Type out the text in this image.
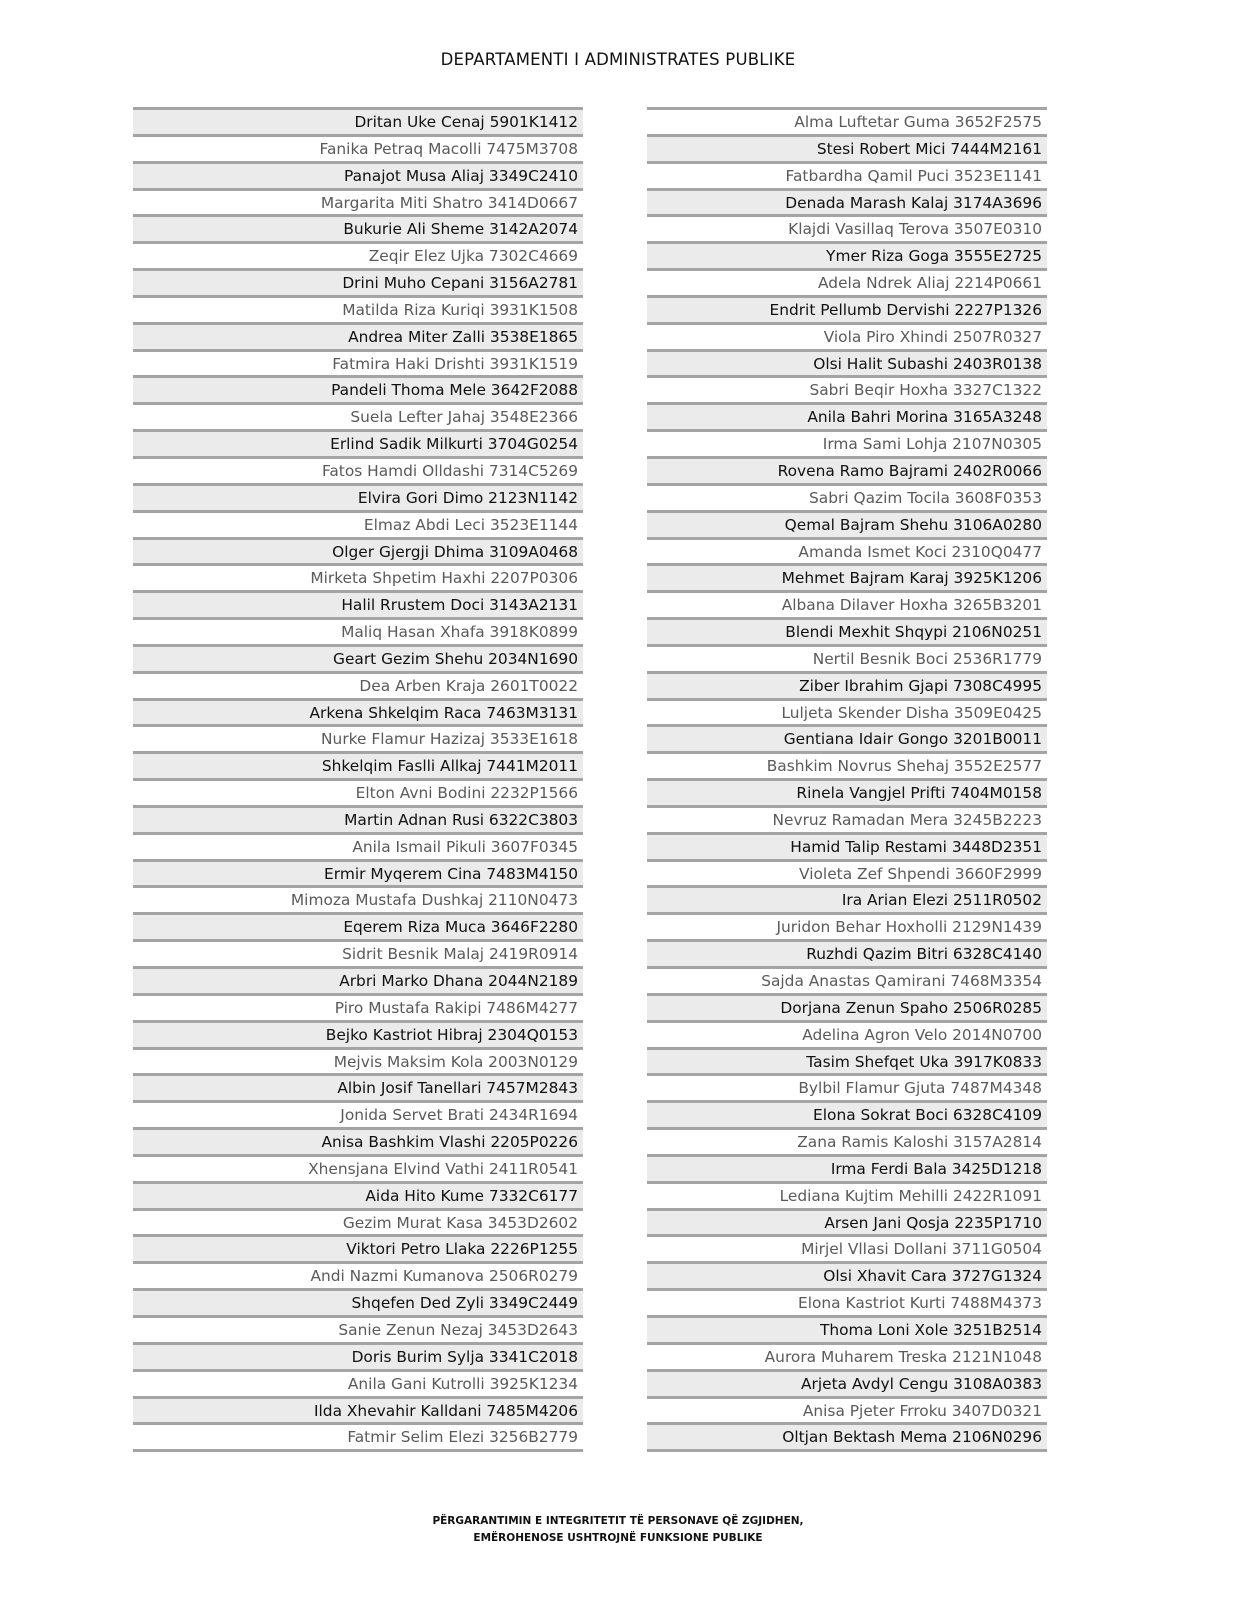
DEPARTAMENTI I ADMINISTRATES PUBLIKE
Dritan Uke Cenaj 5901K1412
Fanika Petraq Macolli 7475M3708
Panajot Musa Aliaj 3349C2410
Margarita Miti Shatro 3414D0667
Bukurie Ali Sheme 3142A2074
Zeqir Elez Ujka 7302C4669
Drini Muho Cepani 3156A2781
Matilda Riza Kuriqi 3931K1508
Andrea Miter Zalli 3538E1865
Fatmira Haki Drishti 3931K1519
Pandeli Thoma Mele 3642F2088
Suela Lefter Jahaj 3548E2366
Erlind Sadik Milkurti 3704G0254
Fatos Hamdi Olldashi 7314C5269
Elvira Gori Dimo 2123N1142
Elmaz Abdi Leci 3523E1144
Olger Gjergji Dhima 3109A0468
Mirketa Shpetim Haxhi 2207P0306
Halil Rrustem Doci 3143A2131
Maliq Hasan Xhafa 3918K0899
Geart Gezim Shehu 2034N1690
Dea Arben Kraja 2601T0022
Arkena Shkelqim Raca 7463M3131
Nurke Flamur Hazizaj 3533E1618
Shkelqim Faslli Allkaj 7441M2011
Elton Avni Bodini 2232P1566
Martin Adnan Rusi 6322C3803
Anila Ismail Pikuli 3607F0345
Ermir Myqerem Cina 7483M4150
Mimoza Mustafa Dushkaj 2110N0473
Eqerem Riza Muca 3646F2280
Sidrit Besnik Malaj 2419R0914
Arbri Marko Dhana 2044N2189
Piro Mustafa Rakipi 7486M4277
Bejko Kastriot Hibraj 2304Q0153
Mejvis Maksim Kola 2003N0129
Albin Josif Tanellari 7457M2843
Jonida Servet Brati 2434R1694
Anisa Bashkim Vlashi 2205P0226
Xhensjana Elvind Vathi 2411R0541
Aida Hito Kume 7332C6177
Gezim Murat Kasa 3453D2602
Viktori Petro Llaka 2226P1255
Andi Nazmi Kumanova 2506R0279
Shqefen Ded Zyli 3349C2449
Sanie Zenun Nezaj 3453D2643
Doris Burim Sylja 3341C2018
Anila Gani Kutrolli 3925K1234
Ilda Xhevahir Kalldani 7485M4206
Fatmir Selim Elezi 3256B2779
Alma Luftetar Guma 3652F2575
Stesi Robert Mici 7444M2161
Fatbardha Qamil Puci 3523E1141
Denada Marash Kalaj 3174A3696
Klajdi Vasillaq Terova 3507E0310
Ymer Riza Goga 3555E2725
Adela Ndrek Aliaj 2214P0661
Endrit Pellumb Dervishi 2227P1326
Viola Piro Xhindi 2507R0327
Olsi Halit Subashi 2403R0138
Sabri Beqir Hoxha 3327C1322
Anila Bahri Morina 3165A3248
Irma Sami Lohja 2107N0305
Rovena Ramo Bajrami 2402R0066
Sabri Qazim Tocila 3608F0353
Qemal Bajram Shehu 3106A0280
Amanda Ismet Koci 2310Q0477
Mehmet Bajram Karaj 3925K1206
Albana Dilaver Hoxha 3265B3201
Blendi Mexhit Shqypi 2106N0251
Nertil Besnik Boci 2536R1779
Ziber Ibrahim Gjapi 7308C4995
Luljeta Skender Disha 3509E0425
Gentiana Idair Gongo 3201B0011
Bashkim Novrus Shehaj 3552E2577
Rinela Vangjel Prifti 7404M0158
Nevruz Ramadan Mera 3245B2223
Hamid Talip Restami 3448D2351
Violeta Zef Shpendi 3660F2999
Ira Arian Elezi 2511R0502
Juridon Behar Hoxholli 2129N1439
Ruzhdi Qazim Bitri 6328C4140
Sajda Anastas Qamirani 7468M3354
Dorjana Zenun Spaho 2506R0285
Adelina Agron Velo 2014N0700
Tasim Shefqet Uka 3917K0833
Bylbil Flamur Gjuta 7487M4348
Elona Sokrat Boci 6328C4109
Zana Ramis Kaloshi 3157A2814
Irma Ferdi Bala 3425D1218
Lediana Kujtim Mehilli 2422R1091
Arsen Jani Qosja 2235P1710
Mirjel Vllasi Dollani 3711G0504
Olsi Xhavit Cara 3727G1324
Elona Kastriot Kurti 7488M4373
Thoma Loni Xole 3251B2514
Aurora Muharem Treska 2121N1048
Arjeta Avdyl Cengu 3108A0383
Anisa Pjeter Frroku 3407D0321
Oltjan Bektash Mema 2106N0296
PËRGARANTIMIN E INTEGRITETIT TË PERSONAVE QË ZGJIDHEN,
EMËROHENOSE USHTROJNË FUNKSIONE PUBLIKE
